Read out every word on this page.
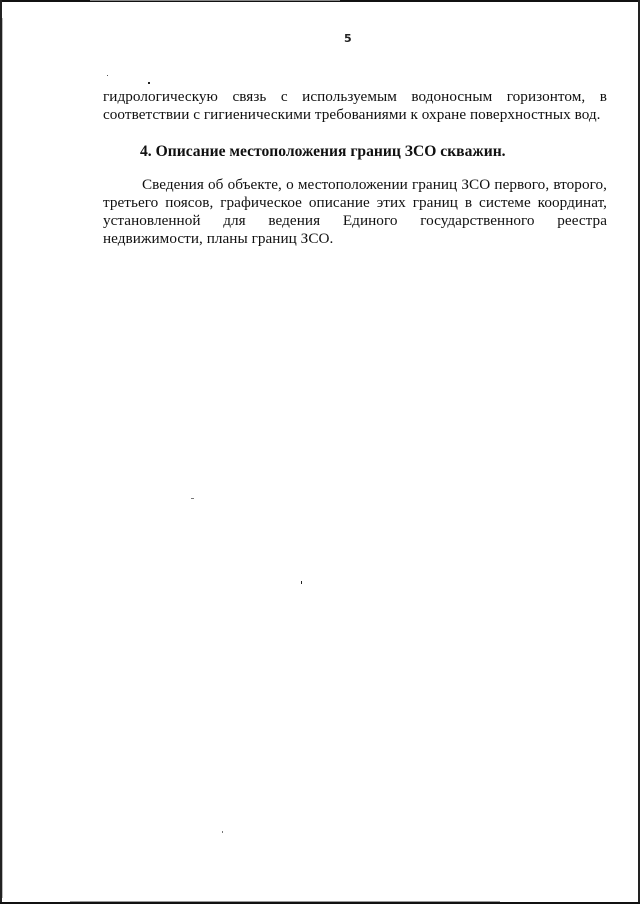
5
гидрологическую связь с используемым водоносным горизонтом, в
соответствии с гигиеническими требованиями к охране поверхностных вод.
4. Описание местоположения границ ЗСО скважин.
Сведения об объекте, о местоположении границ ЗСО первого, второго,
третьего поясов, графическое описание этих границ в системе координат,
установленной для ведения Единого государственного реестра
недвижимости, планы границ ЗСО.
